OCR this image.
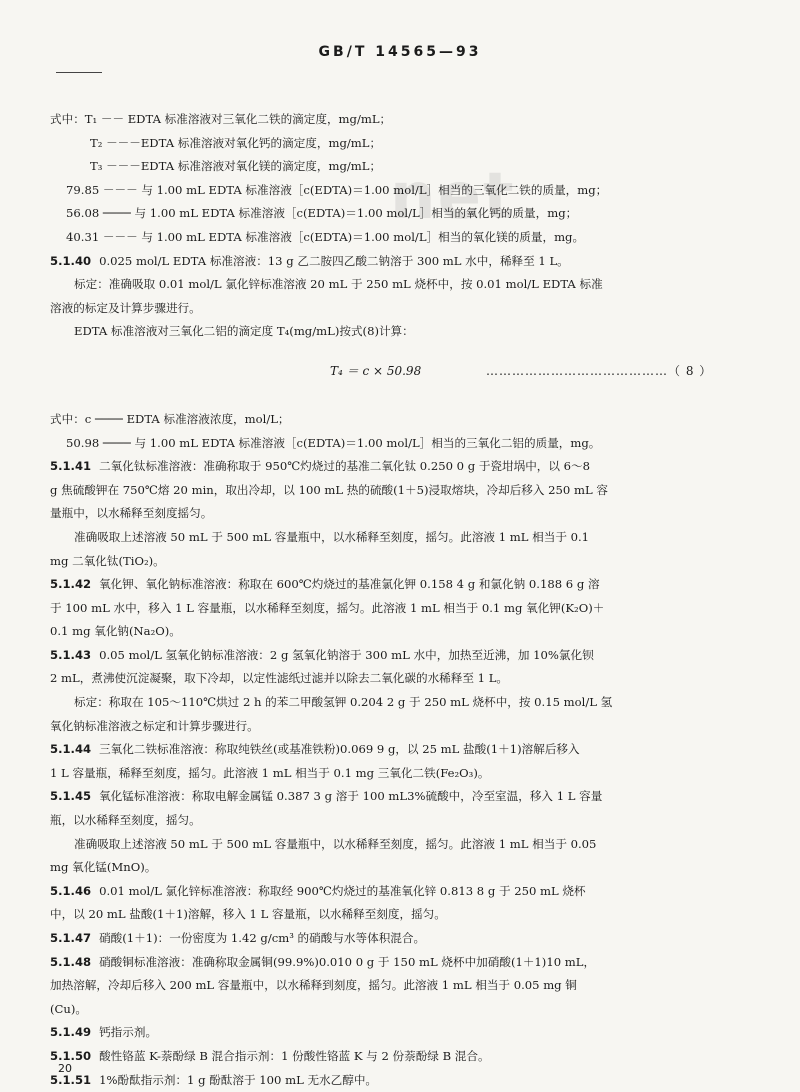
net
GB/T 14565—93

式中：T₁ －－ EDTA 标准溶液对三氧化二铁的滴定度，mg/mL；

T₂ －－－EDTA 标准溶液对氧化钙的滴定度，mg/mL；

T₃ －－－EDTA 标准溶液对氧化镁的滴定度，mg/mL；

79.85 －－－ 与 1.00 mL EDTA 标准溶液［c(EDTA)＝1.00 mol/L］相当的三氧化二铁的质量，mg；

56.08 ──── 与 1.00 mL EDTA 标准溶液［c(EDTA)＝1.00 mol/L］相当的氧化钙的质量，mg；

40.31 －－－ 与 1.00 mL EDTA 标准溶液［c(EDTA)＝1.00 mol/L］相当的氧化镁的质量，mg。

5.1.40 0.025 mol/L EDTA 标准溶液：13 g 乙二胺四乙酸二钠溶于 300 mL 水中，稀释至 1 L。

标定：准确吸取 0.01 mol/L 氯化锌标准溶液 20 mL 于 250 mL 烧杯中，按 0.01 mol/L EDTA 标准

溶液的标定及计算步骤进行。

EDTA 标准溶液对三氧化二铝的滴定度 T₄(mg/mL)按式(8)计算：

T₄ ＝ c × 50.98	……………………………………（ 8 ）

式中：c ──── EDTA 标准溶液浓度，mol/L；

50.98 ──── 与 1.00 mL EDTA 标准溶液［c(EDTA)＝1.00 mol/L］相当的三氧化二铝的质量，mg。

5.1.41 二氧化钛标准溶液：准确称取于 950℃灼烧过的基准二氧化钛 0.250 0 g 于瓷坩埚中，以 6～8

g 焦硫酸钾在 750℃熔 20 min，取出冷却，以 100 mL 热的硫酸(1＋5)浸取熔块，冷却后移入 250 mL 容

量瓶中，以水稀释至刻度摇匀。

准确吸取上述溶液 50 mL 于 500 mL 容量瓶中，以水稀释至刻度，摇匀。此溶液 1 mL 相当于 0.1

mg 二氧化钛(TiO₂)。

5.1.42 氧化钾、氧化钠标准溶液：称取在 600℃灼烧过的基准氯化钾 0.158 4 g 和氯化钠 0.188 6 g 溶

于 100 mL 水中，移入 1 L 容量瓶，以水稀释至刻度，摇匀。此溶液 1 mL 相当于 0.1 mg 氧化钾(K₂O)＋

0.1 mg 氧化钠(Na₂O)。

5.1.43 0.05 mol/L 氢氧化钠标准溶液：2 g 氢氧化钠溶于 300 mL 水中，加热至近沸，加 10%氯化钡

2 mL，煮沸使沉淀凝聚，取下冷却，以定性滤纸过滤并以除去二氧化碳的水稀释至 1 L。

标定：称取在 105～110℃烘过 2 h 的苯二甲酸氢钾 0.204 2 g 于 250 mL 烧杯中，按 0.15 mol/L 氢

氧化钠标准溶液之标定和计算步骤进行。

5.1.44 三氧化二铁标准溶液：称取纯铁丝(或基准铁粉)0.069 9 g，以 25 mL 盐酸(1＋1)溶解后移入

1 L 容量瓶，稀释至刻度，摇匀。此溶液 1 mL 相当于 0.1 mg 三氧化二铁(Fe₂O₃)。

5.1.45 氧化锰标准溶液：称取电解金属锰 0.387 3 g 溶于 100 mL3%硫酸中，冷至室温，移入 1 L 容量

瓶，以水稀释至刻度，摇匀。

准确吸取上述溶液 50 mL 于 500 mL 容量瓶中，以水稀释至刻度，摇匀。此溶液 1 mL 相当于 0.05

mg 氧化锰(MnO)。

5.1.46 0.01 mol/L 氯化锌标准溶液：称取经 900℃灼烧过的基准氧化锌 0.813 8 g 于 250 mL 烧杯

中，以 20 mL 盐酸(1＋1)溶解，移入 1 L 容量瓶，以水稀释至刻度，摇匀。

5.1.47 硝酸(1＋1)：一份密度为 1.42 g/cm³ 的硝酸与水等体积混合。

5.1.48 硝酸铜标准溶液：准确称取金属铜(99.9%)0.010 0 g 于 150 mL 烧杯中加硝酸(1＋1)10 mL，

加热溶解，冷却后移入 200 mL 容量瓶中，以水稀释到刻度，摇匀。此溶液 1 mL 相当于 0.05 mg 铜

(Cu)。

5.1.49 钙指示剂。

5.1.50 酸性铬蓝 K-萘酚绿 B 混合指示剂：1 份酸性铬蓝 K 与 2 份萘酚绿 B 混合。

5.1.51 1%酚酞指示剂：1 g 酚酞溶于 100 mL 无水乙醇中。

20
